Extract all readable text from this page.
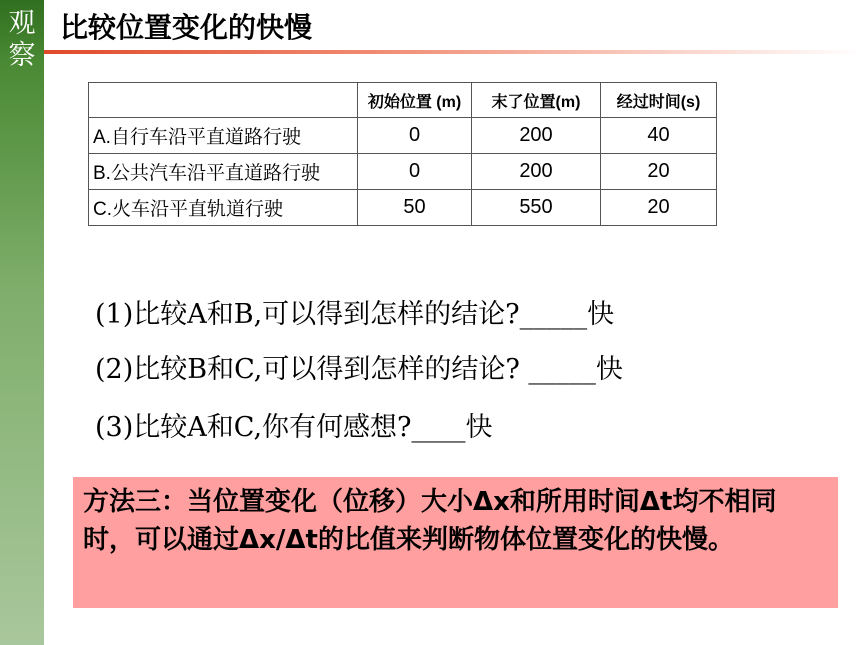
观察
比较位置变化的快慢
	初始位置 (m)	末了位置(m)	经过时间(s)
A.自行车沿平直道路行驶	0	200	40
B.公共汽车沿平直道路行驶	0	200	20
C.火车沿平直轨道行驶	50	550	20
(1)比较A和B,可以得到怎样的结论?_____快
(2)比较B和C,可以得到怎样的结论? _____快
(3)比较A和C,你有何感想?____快
方法三：当位置变化（位移）大小Δx和所用时间Δt均不相同时，可以通过Δx/Δt的比值来判断物体位置变化的快慢。
